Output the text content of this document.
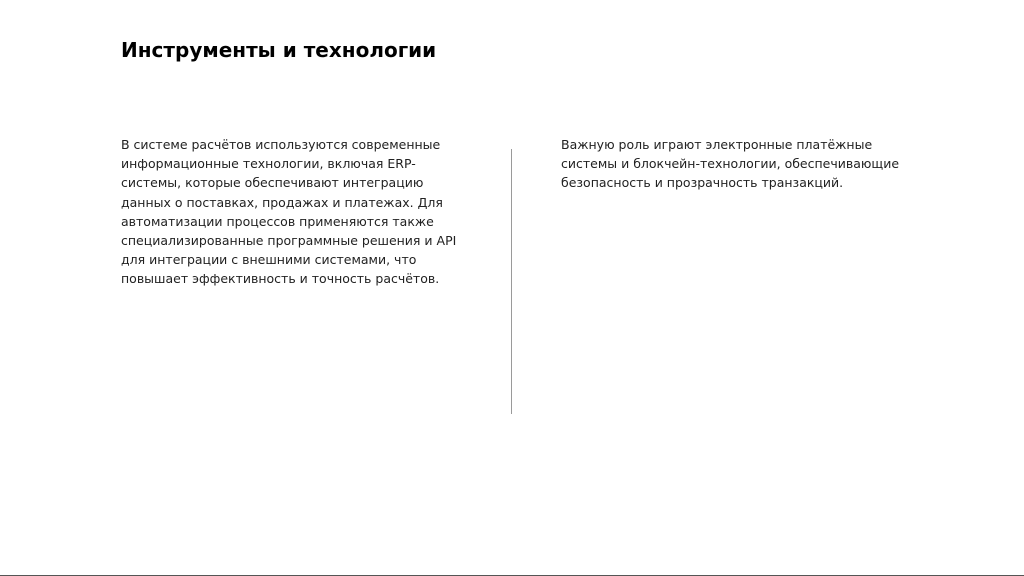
Инструменты и технологии

В системе расчётов используются современные информационные технологии, включая ERP-системы, которые обеспечивают интеграцию данных о поставках, продажах и платежах. Для автоматизации процессов применяются также специализированные программные решения и API для интеграции с внешними системами, что повышает эффективность и точность расчётов.

Важную роль играют электронные платёжные системы и блокчейн-технологии, обеспечивающие безопасность и прозрачность транзакций.
